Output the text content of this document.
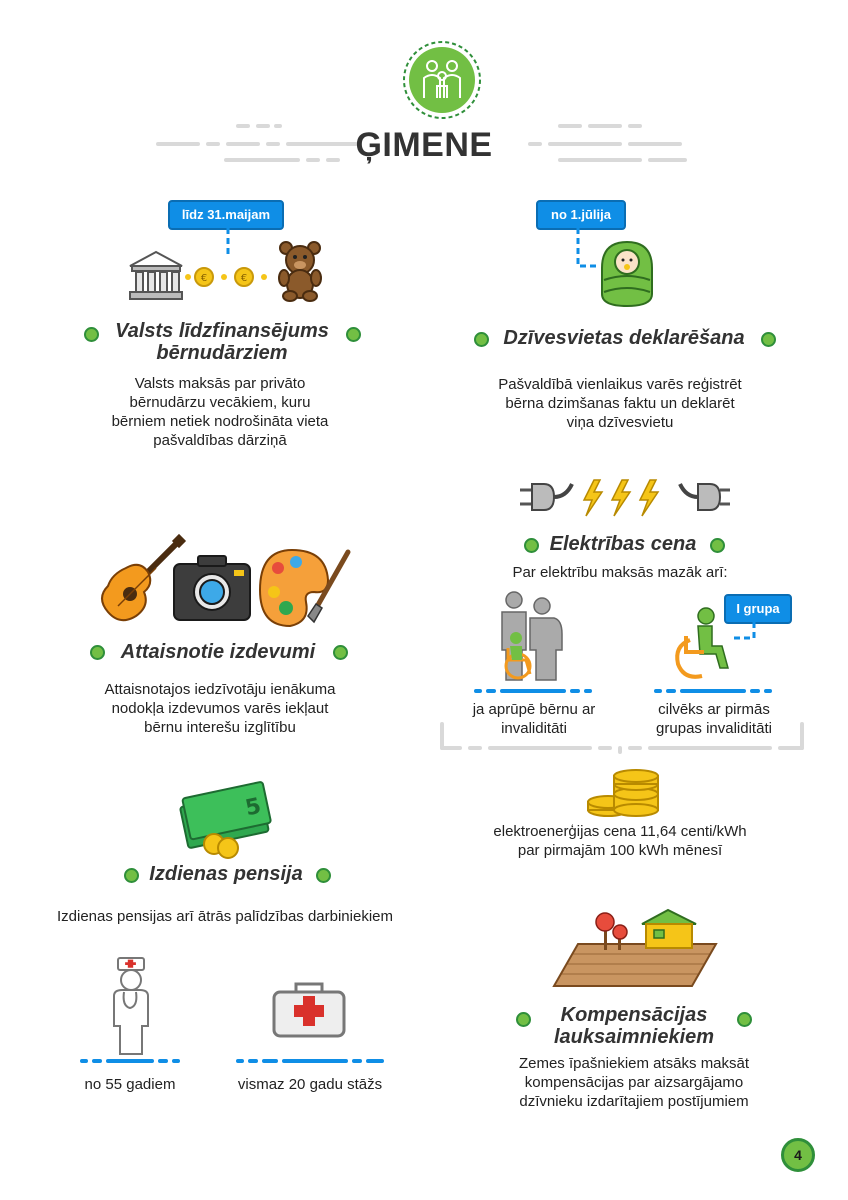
ĢIMENE
līdz 31.maijam
€	€
Valsts līdzfinansējums
bērnudārziem
Valsts maksās par privāto
bērnudārzu vecākiem, kuru
bērniem netiek nodrošināta vieta
pašvaldības dārziņā
no 1.jūlija
Dzīvesvietas deklarēšana
Pašvaldībā vienlaikus varēs reģistrēt
bērna dzimšanas faktu un deklarēt
viņa dzīvesvietu
Attaisnotie izdevumi
Attaisnotajos iedzīvotāju ienākuma
nodokļa izdevumos varēs iekļaut
bērnu interešu izglītību
Elektrības cena
Par elektrību maksās mazāk arī:
I grupa
ja aprūpē bērnu ar
invaliditāti
cilvēks ar pirmās
grupas invaliditāti
elektroenerģijas cena 11,64 centi/kWh
par pirmajām 100 kWh mēnesī
5
Izdienas pensija
Izdienas pensijas arī ātrās palīdzības darbiniekiem
no 55 gadiem	vismaz 20 gadu stāžs
Kompensācijas
lauksaimniekiem
Zemes īpašniekiem atsāks maksāt
kompensācijas par aizsargājamo
dzīvnieku izdarītajiem postījumiem
4
